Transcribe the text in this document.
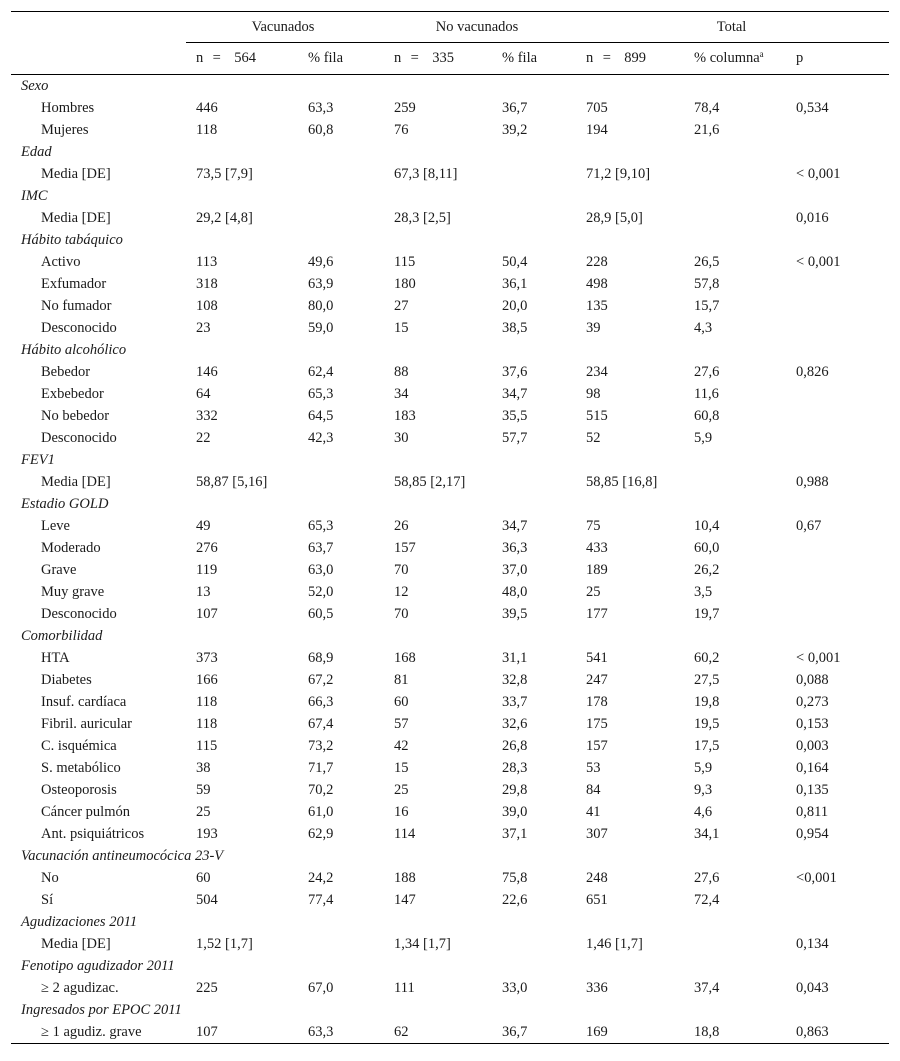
	Vacunados		No vacunados		Total		
	n = 564	% fila	n = 335	% fila	n = 899	% columna$^a$	p
Sexo							
Hombres	446	63,3	259	36,7	705	78,4	0,534
Mujeres	118	60,8	76	39,2	194	21,6	
Edad							
Media [DE]	73,5 [7,9]		67,3 [8,11]		71,2 [9,10]		< 0,001
IMC							
Media [DE]	29,2 [4,8]		28,3 [2,5]		28,9 [5,0]		0,016
Hábito tabáquico							
Activo	113	49,6	115	50,4	228	26,5	< 0,001
Exfumador	318	63,9	180	36,1	498	57,8	
No fumador	108	80,0	27	20,0	135	15,7	
Desconocido	23	59,0	15	38,5	39	4,3	
Hábito alcohólico							
Bebedor	146	62,4	88	37,6	234	27,6	0,826
Exbebedor	64	65,3	34	34,7	98	11,6	
No bebedor	332	64,5	183	35,5	515	60,8	
Desconocido	22	42,3	30	57,7	52	5,9	
FEV1							
Media [DE]	58,87 [5,16]		58,85 [2,17]		58,85 [16,8]		0,988
Estadio GOLD							
Leve	49	65,3	26	34,7	75	10,4	0,67
Moderado	276	63,7	157	36,3	433	60,0	
Grave	119	63,0	70	37,0	189	26,2	
Muy grave	13	52,0	12	48,0	25	3,5	
Desconocido	107	60,5	70	39,5	177	19,7	
Comorbilidad							
HTA	373	68,9	168	31,1	541	60,2	< 0,001
Diabetes	166	67,2	81	32,8	247	27,5	0,088
Insuf. cardíaca	118	66,3	60	33,7	178	19,8	0,273
Fibril. auricular	118	67,4	57	32,6	175	19,5	0,153
C. isquémica	115	73,2	42	26,8	157	17,5	0,003
S. metabólico	38	71,7	15	28,3	53	5,9	0,164
Osteoporosis	59	70,2	25	29,8	84	9,3	0,135
Cáncer pulmón	25	61,0	16	39,0	41	4,6	0,811
Ant. psiquiátricos	193	62,9	114	37,1	307	34,1	0,954
Vacunación antineumocócica 23-V							
No	60	24,2	188	75,8	248	27,6	<0,001
Sí	504	77,4	147	22,6	651	72,4	
Agudizaciones 2011							
Media [DE]	1,52 [1,7]		1,34 [1,7]		1,46 [1,7]		0,134
Fenotipo agudizador 2011							
≥ 2 agudizac.	225	67,0	111	33,0	336	37,4	0,043
Ingresados por EPOC 2011							
≥ 1 agudiz. grave	107	63,3	62	36,7	169	18,8	0,863
